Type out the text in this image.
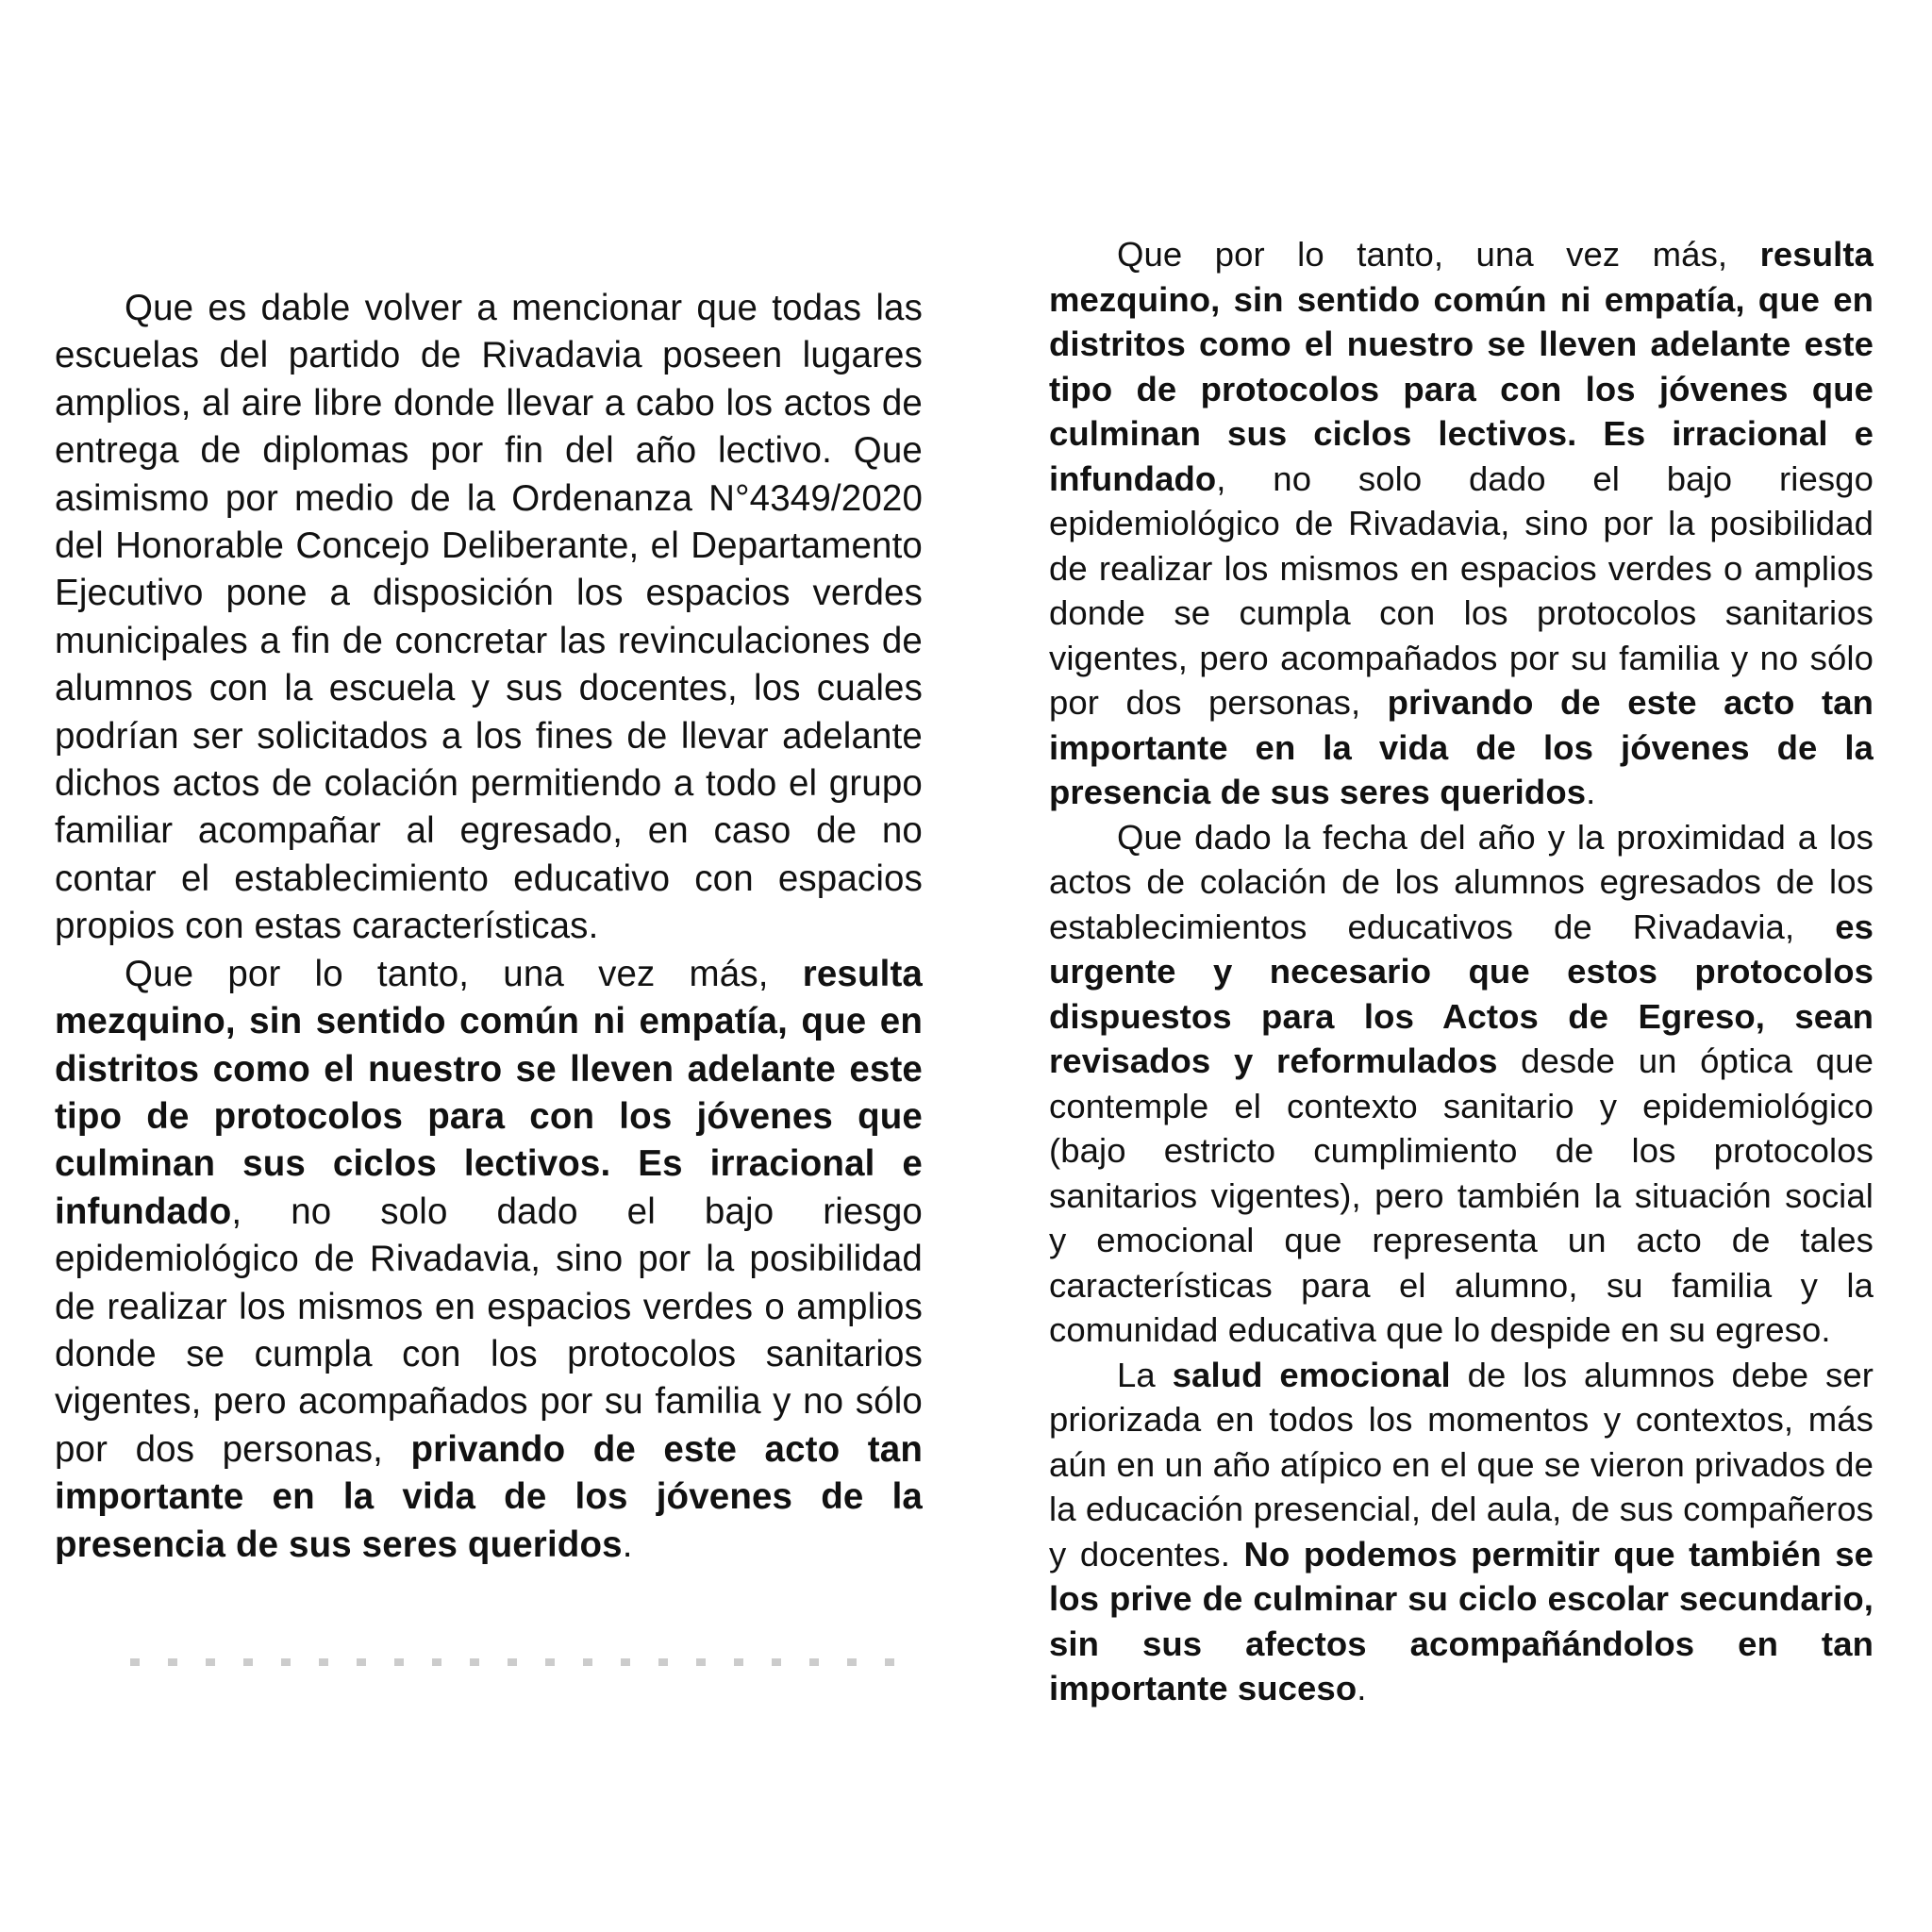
Que es dable volver a mencionar que todas las escuelas del partido de Rivadavia poseen lugares amplios, al aire libre donde llevar a cabo los actos de entrega de diplomas por fin del año lectivo. Que asimismo por medio de la Ordenanza N°4349/2020 del Honorable Concejo Deliberante, el Departamento Ejecutivo pone a disposición los espacios verdes municipales a fin de concretar las revinculaciones de alumnos con la escuela y sus docentes, los cuales podrían ser solicitados a los fines de llevar adelante dichos actos de colación permitiendo a todo el grupo familiar acompañar al egresado, en caso de no contar el establecimiento educativo con espacios propios con estas características.

Que por lo tanto, una vez más, resulta mezquino, sin sentido común ni empatía, que en distritos como el nuestro se lleven adelante este tipo de protocolos para con los jóvenes que culminan sus ciclos lectivos. Es irracional e infundado, no solo dado el bajo riesgo epidemiológico de Rivadavia, sino por la posibilidad de realizar los mismos en espacios verdes o amplios donde se cumpla con los protocolos sanitarios vigentes, pero acompañados por su familia y no sólo por dos personas, privando de este acto tan importante en la vida de los jóvenes de la presencia de sus seres queridos.

Que por lo tanto, una vez más, resulta mezquino, sin sentido común ni empatía, que en distritos como el nuestro se lleven adelante este tipo de protocolos para con los jóvenes que culminan sus ciclos lectivos. Es irracional e infundado, no solo dado el bajo riesgo epidemiológico de Rivadavia, sino por la posibilidad de realizar los mismos en espacios verdes o amplios donde se cumpla con los protocolos sanitarios vigentes, pero acompañados por su familia y no sólo por dos personas, privando de este acto tan importante en la vida de los jóvenes de la presencia de sus seres queridos.

Que dado la fecha del año y la proximidad a los actos de colación de los alumnos egresados de los establecimientos educativos de Rivadavia, es urgente y necesario que estos protocolos dispuestos para los Actos de Egreso, sean revisados y reformulados desde un óptica que contemple el contexto sanitario y epidemiológico (bajo estricto cumplimiento de los protocolos sanitarios vigentes), pero también la situación social y emocional que representa un acto de tales características para el alumno, su familia y la comunidad educativa que lo despide en su egreso.

La salud emocional de los alumnos debe ser priorizada en todos los momentos y contextos, más aún en un año atípico en el que se vieron privados de la educación presencial, del aula, de sus compañeros y docentes. No podemos permitir que también se los prive de culminar su ciclo escolar secundario, sin sus afectos acompañándolos en tan importante suceso.
